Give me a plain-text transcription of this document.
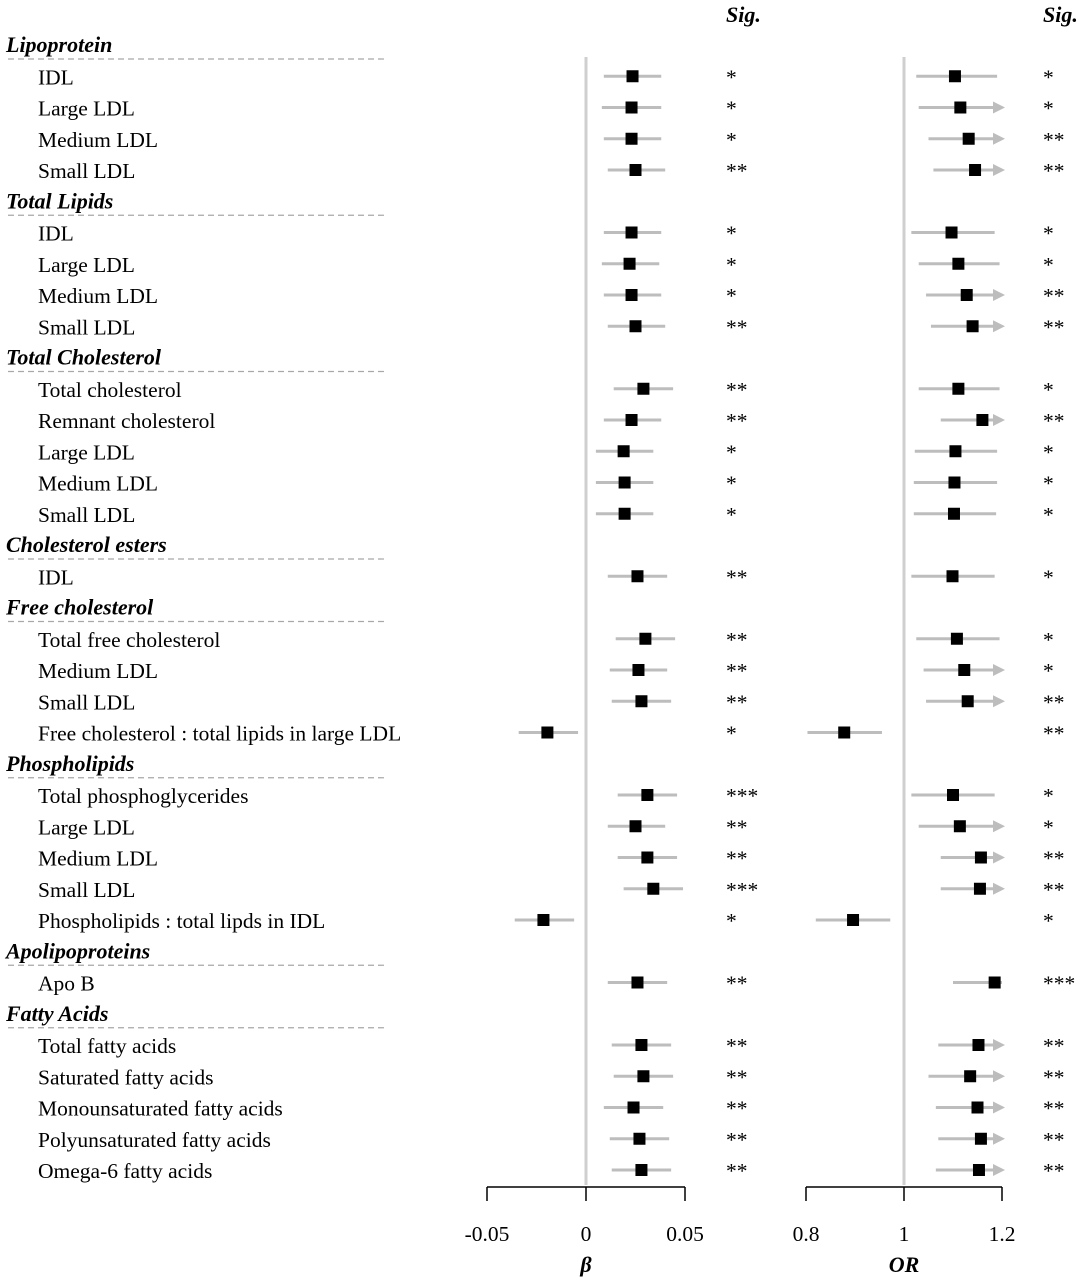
Sig.	Sig.
Lipoprotein
IDL	*	*
Large LDL	*	*
Medium LDL	*	**
Small LDL	**	**
Total Lipids
IDL	*	*
Large LDL	*	*
Medium LDL	*	**
Small LDL	**	**
Total Cholesterol
Total cholesterol	**	*
Remnant cholesterol	**	**
Large LDL	*	*
Medium LDL	*	*
Small LDL	*	*
Cholesterol esters
IDL	**	*
Free cholesterol
Total free cholesterol	**	*
Medium LDL	**	*
Small LDL	**	**
Free cholesterol : total lipids in large LDL	*	**
Phospholipids
Total phosphoglycerides	***	*
Large LDL	**	*
Medium LDL	**	**
Small LDL	***	**
Phospholipids : total lipds in IDL	*	*
Apolipoproteins
Apo B	**	***
Fatty Acids
Total fatty acids	**	**
Saturated fatty acids	**	**
Monounsaturated fatty acids	**	**
Polyunsaturated fatty acids	**	**
Omega-6 fatty acids	**	**
-0.05	0	0.05
β
0.8	1	1.2
OR
